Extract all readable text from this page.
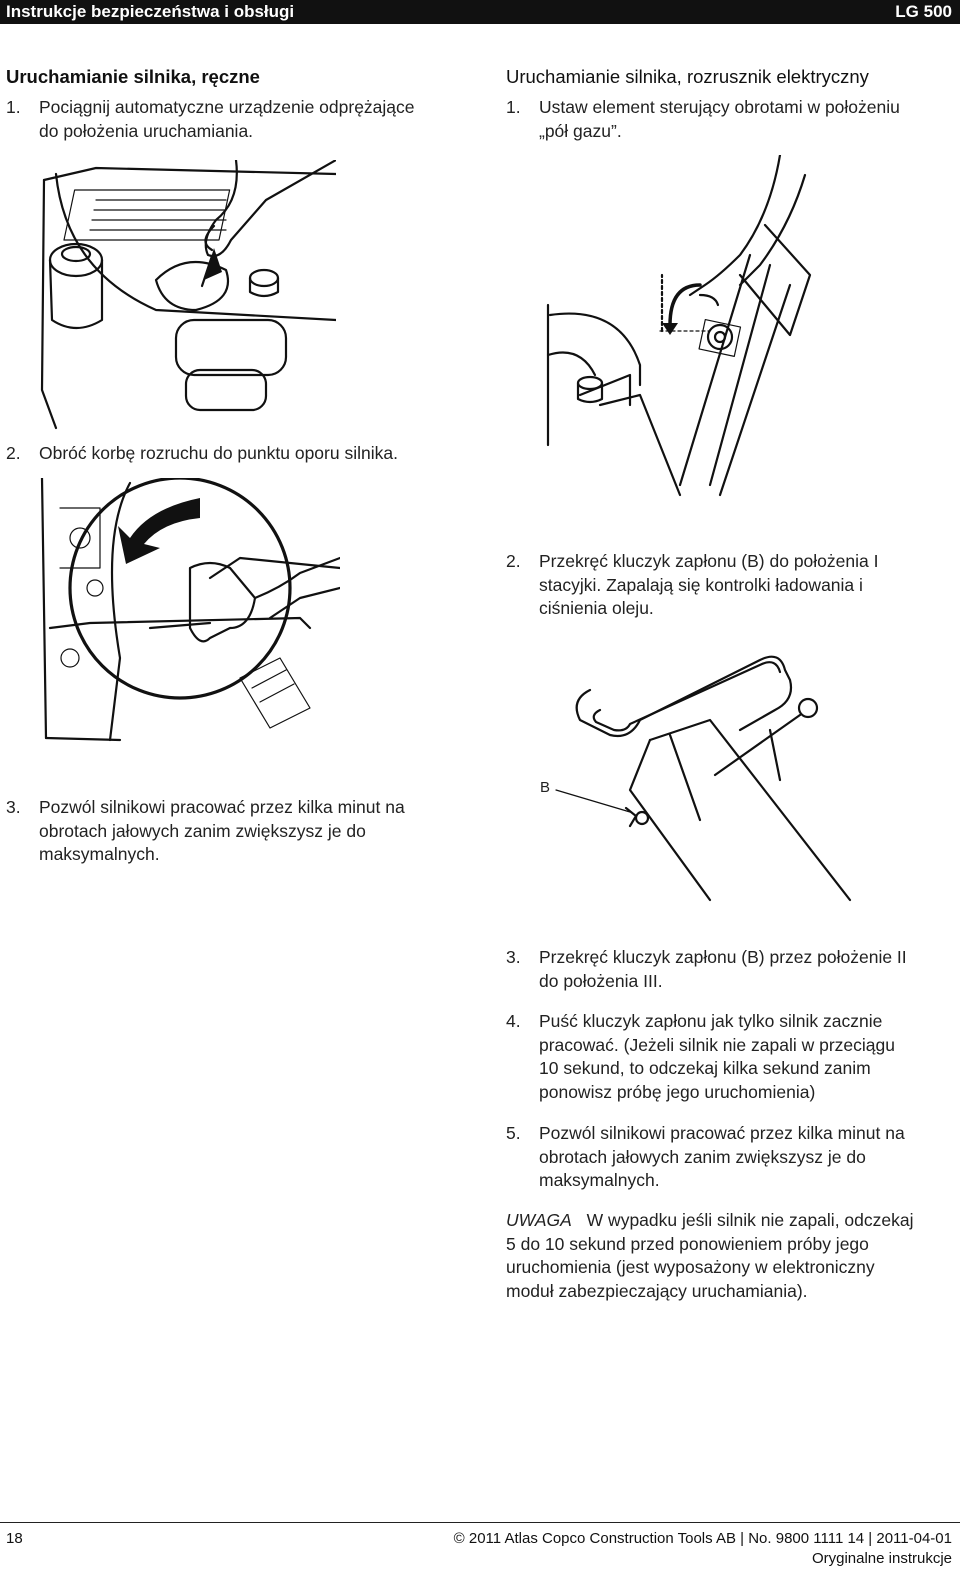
Instrukcje bezpieczeństwa i obsługi	LG 500
Uruchamianie silnika, ręczne
1. Pociągnij automatyczne urządzenie odprężające
do położenia uruchamiania.
2. Obróć korbę rozruchu do punktu oporu silnika.
3. Pozwól silnikowi pracować przez kilka minut na
obrotach jałowych zanim zwiększysz je do
maksymalnych.
Uruchamianie silnika, rozrusznik elektryczny
1. Ustaw element sterujący obrotami w położeniu
„pół gazu”.
2. Przekręć kluczyk zapłonu (B) do położenia I
stacyjki. Zapalają się kontrolki ładowania i
ciśnienia oleju.
B
3. Przekręć kluczyk zapłonu (B) przez położenie II
do położenia III.
4. Puść kluczyk zapłonu jak tylko silnik zacznie
pracować. (Jeżeli silnik nie zapali w przeciągu
10 sekund, to odczekaj kilka sekund zanim
ponowisz próbę jego uruchomienia)
5. Pozwól silnikowi pracować przez kilka minut na
obrotach jałowych zanim zwiększysz je do
maksymalnych.
UWAGA W wypadku jeśli silnik nie zapali, odczekaj
5 do 10 sekund przed ponowieniem próby jego
uruchomienia (jest wyposażony w elektroniczny
moduł zabezpieczający uruchamiania).
18	© 2011 Atlas Copco Construction Tools AB | No. 9800 1111 14 | 2011-04-01
Oryginalne instrukcje
